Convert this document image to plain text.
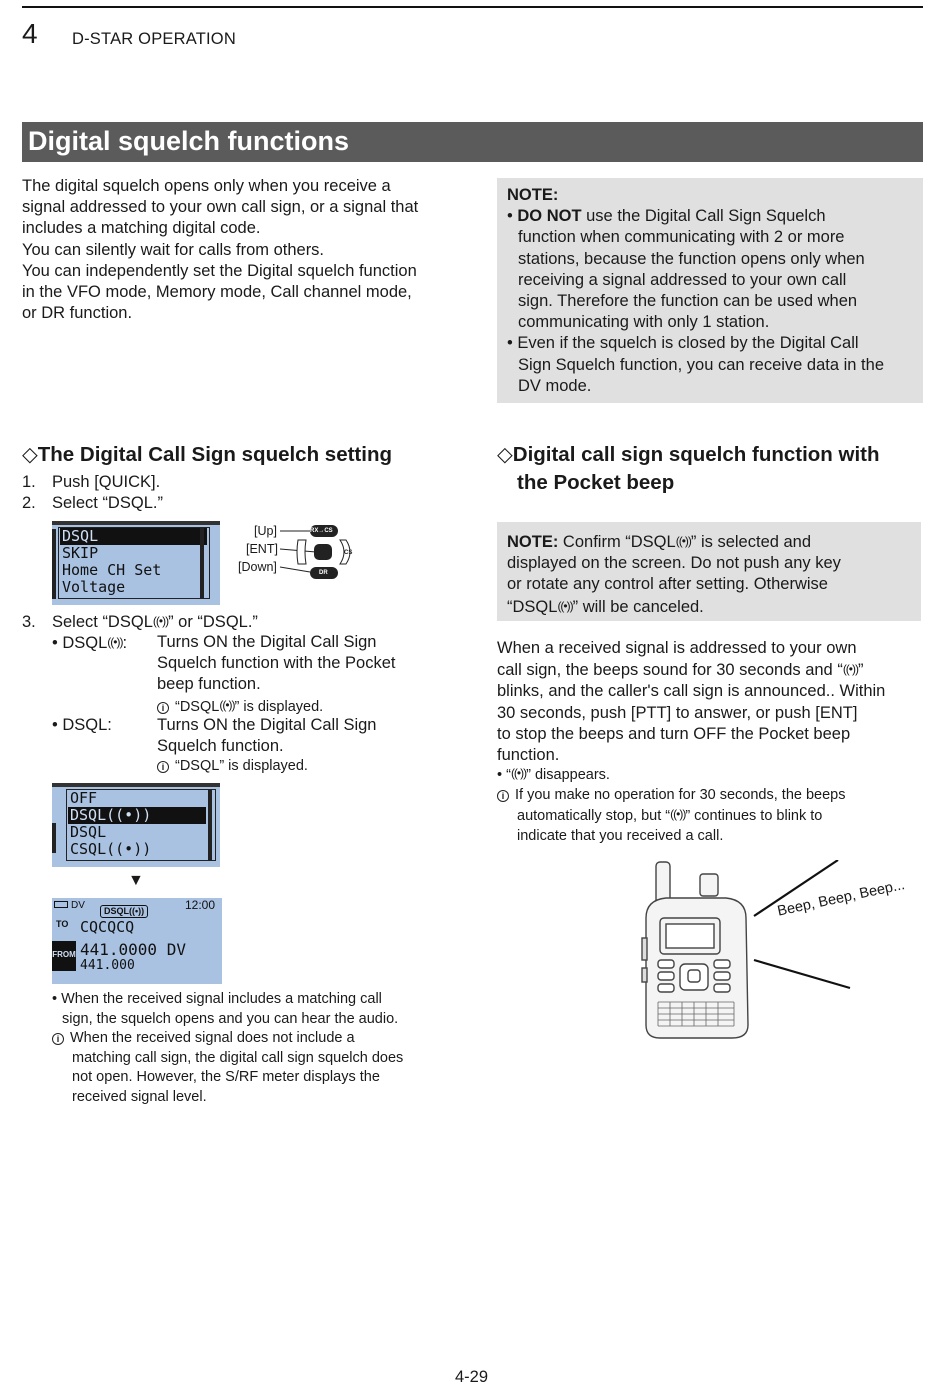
4 D-STAR OPERATION
Digital squelch functions
The digital squelch opens only when you receive a
signal addressed to your own call sign, or a signal that
includes a matching digital code.
You can silently wait for calls from others.
You can independently set the Digital squelch function
in the VFO mode, Memory mode, Call channel mode,
or DR function.
NOTE:
• DO NOT use the Digital Call Sign Squelch
function when communicating with 2 or more
stations, because the function opens only when
receiving a signal addressed to your own call
sign. Therefore the function can be used when
communicating with only 1 station.
• Even if the squelch is closed by the Digital Call
Sign Squelch function, you can receive data in the
DV mode.
◇The Digital Call Sign squelch setting
1. Push [QUICK].
2. Select “DSQL.”
DSQL
SKIP
Home CH Set
Voltage
[Up]
[ENT]
[Down]
RX→CS
CS
DR
3. Select “DSQL((•))” or “DSQL.”
• DSQL((•)): Turns ON the Digital Call Sign
Squelch function with the Pocket
beep function.
i “DSQL((•))” is displayed.
• DSQL:	Turns ON the Digital Call Sign
Squelch function.
i “DSQL” is displayed.
OFF
DSQL((•))
DSQL
CSQL((•))
▼
DV	12:00
DSQL((•))
TO CQCQCQ
FROM 441.0000 DV
441.000
• When the received signal includes a matching call
sign, the squelch opens and you can hear the audio.
i When the received signal does not include a
matching call sign, the digital call sign squelch does
not open. However, the S/RF meter displays the
received signal level.
◇Digital call sign squelch function with
the Pocket beep
NOTE: Confirm “DSQL((•))” is selected and
displayed on the screen. Do not push any key
or rotate any control after setting. Otherwise
“DSQL((•))” will be canceled.
When a received signal is addressed to your own
call sign, the beeps sound for 30 seconds and “((•))”
blinks, and the caller's call sign is announced.. Within
30 seconds, push [PTT] to answer, or push [ENT]
to stop the beeps and turn OFF the Pocket beep
function.
• “((•))” disappears.
i If you make no operation for 30 seconds, the beeps
automatically stop, but “((•))” continues to blink to
indicate that you received a call.
Beep, Beep, Beep...
4-29
